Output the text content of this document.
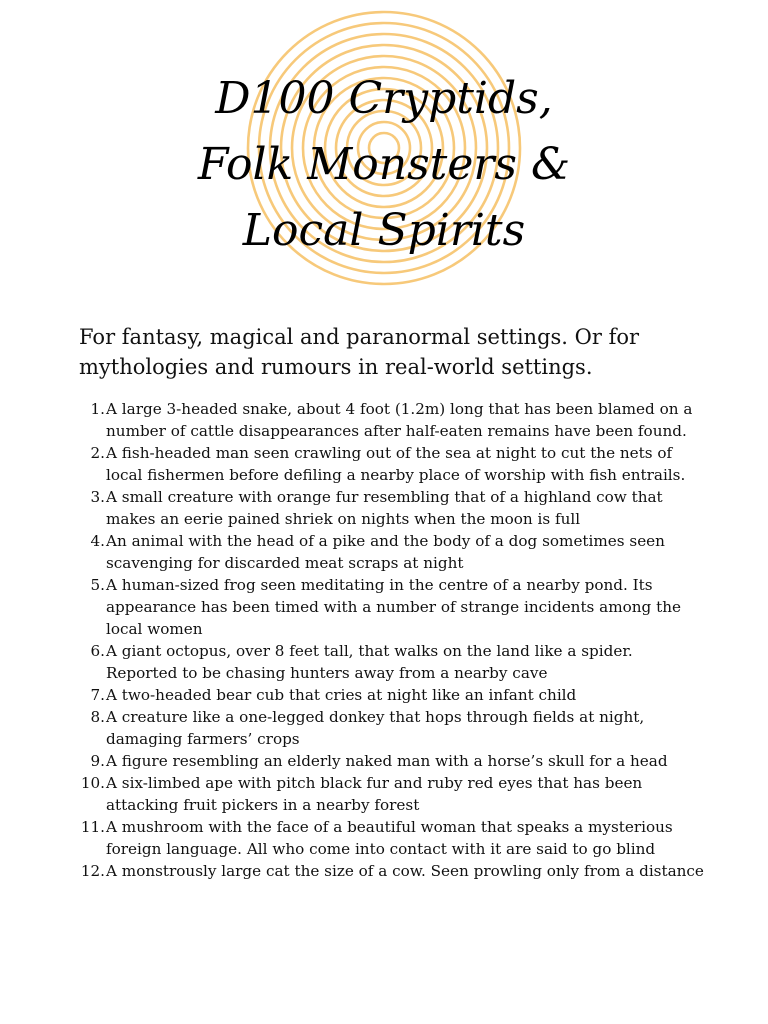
D100 Cryptids,
Folk Monsters &
Local Spirits

For fantasy, magical and paranormal settings. Or for mythologies and rumours in real-world settings.

1. A large 3-headed snake, about 4 foot (1.2m) long that has been blamed on a number of cattle disappearances after half-eaten remains have been found.
2. A fish-headed man seen crawling out of the sea at night to cut the nets of local fishermen before defiling a nearby place of worship with fish entrails.
3. A small creature with orange fur resembling that of a highland cow that makes an eerie pained shriek on nights when the moon is full
4. An animal with the head of a pike and the body of a dog sometimes seen scavenging for discarded meat scraps at night
5. A human-sized frog seen meditating in the centre of a nearby pond. Its appearance has been timed with a number of strange incidents among the local women
6. A giant octopus, over 8 feet tall, that walks on the land like a spider. Reported to be chasing hunters away from a nearby cave
7. A two-headed bear cub that cries at night like an infant child
8. A creature like a one-legged donkey that hops through fields at night, damaging farmers’ crops
9. A figure resembling an elderly naked man with a horse’s skull for a head
10. A six-limbed ape with pitch black fur and ruby red eyes that has been attacking fruit pickers in a nearby forest
11. A mushroom with the face of a beautiful woman that speaks a mysterious foreign language. All who come into contact with it are said to go blind
12. A monstrously large cat the size of a cow. Seen prowling only from a distance
